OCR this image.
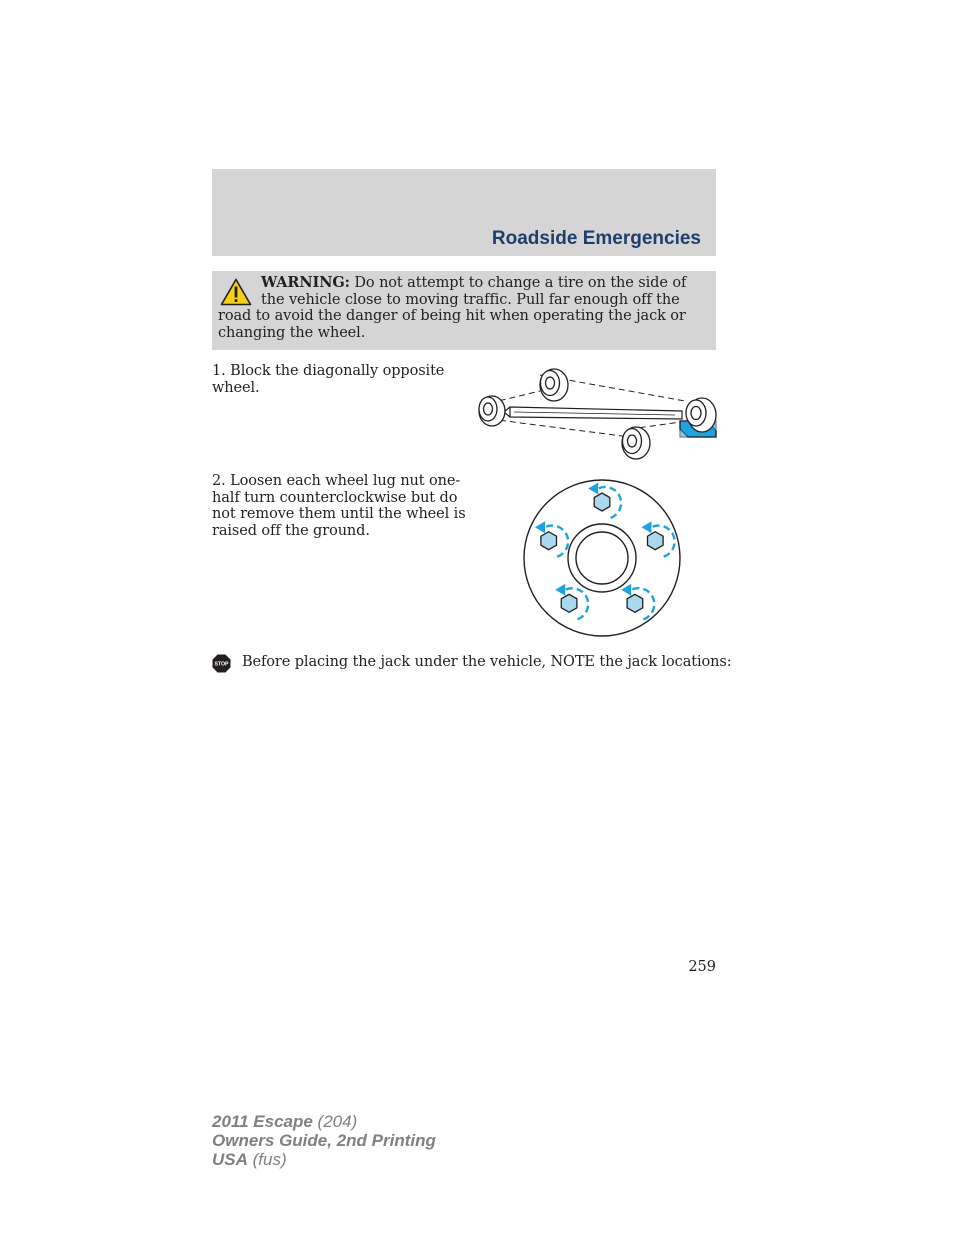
Roadside Emergencies
WARNING: Do not attempt to change a tire on the side of the vehicle close to moving traffic. Pull far enough off the road to avoid the danger of being hit when operating the jack or changing the wheel.
1. Block the diagonally opposite wheel.
2. Loosen each wheel lug nut one-half turn counterclockwise but do not remove them until the wheel is raised off the ground.
STOP Before placing the jack under the vehicle, NOTE the jack locations:
259
2011 Escape (204)
Owners Guide, 2nd Printing
USA (fus)
